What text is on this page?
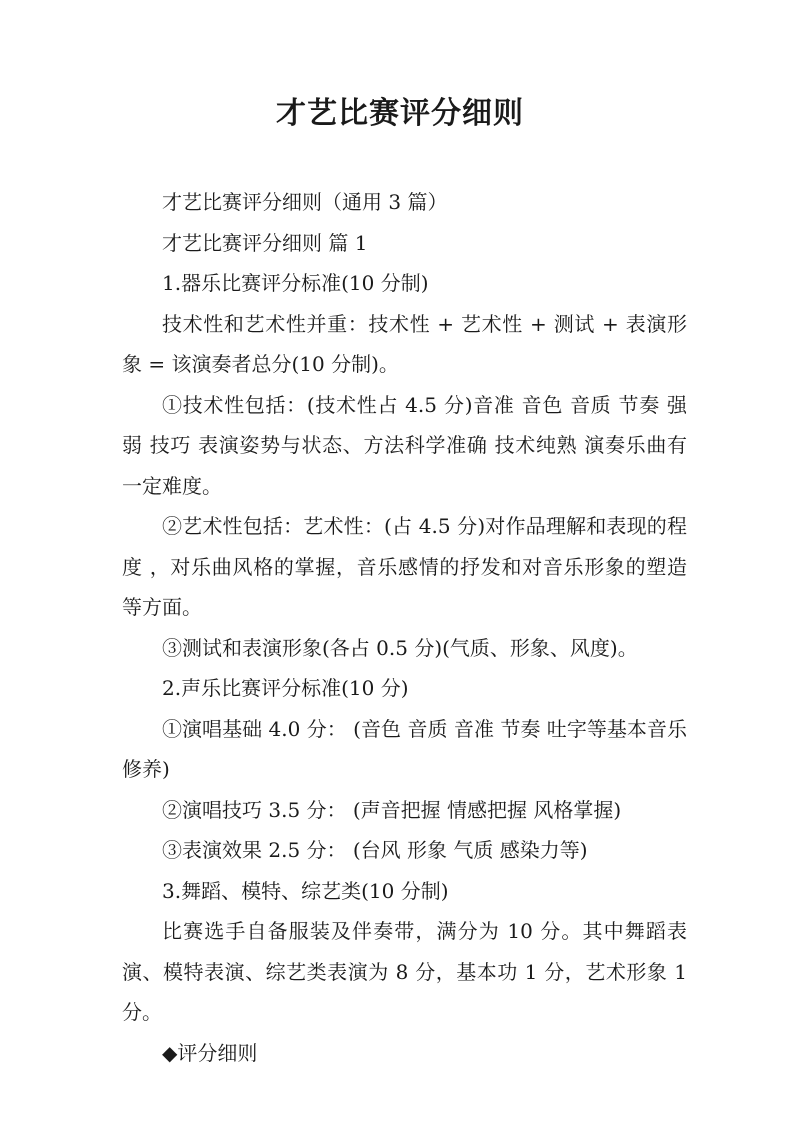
才艺比赛评分细则

才艺比赛评分细则（通用 3 篇）

才艺比赛评分细则 篇 1

1.器乐比赛评分标准(10 分制)

技术性和艺术性并重：技术性 + 艺术性 + 测试 + 表演形象 = 该演奏者总分(10 分制)。

①技术性包括：(技术性占 4.5 分)音准 音色 音质 节奏 强弱 技巧 表演姿势与状态、方法科学准确 技术纯熟 演奏乐曲有一定难度。

②艺术性包括：艺术性：(占 4.5 分)对作品理解和表现的程度 ，对乐曲风格的掌握，音乐感情的抒发和对音乐形象的塑造等方面。

③测试和表演形象(各占 0.5 分)(气质、形象、风度)。

2.声乐比赛评分标准(10 分)

①演唱基础 4.0 分： (音色 音质 音准 节奏 吐字等基本音乐修养)

②演唱技巧 3.5 分： (声音把握 情感把握 风格掌握)

③表演效果 2.5 分： (台风 形象 气质 感染力等)

3.舞蹈、模特、综艺类(10 分制)

比赛选手自备服装及伴奏带，满分为 10 分。其中舞蹈表演、模特表演、综艺类表演为 8 分，基本功 1 分，艺术形象 1 分。

◆评分细则
